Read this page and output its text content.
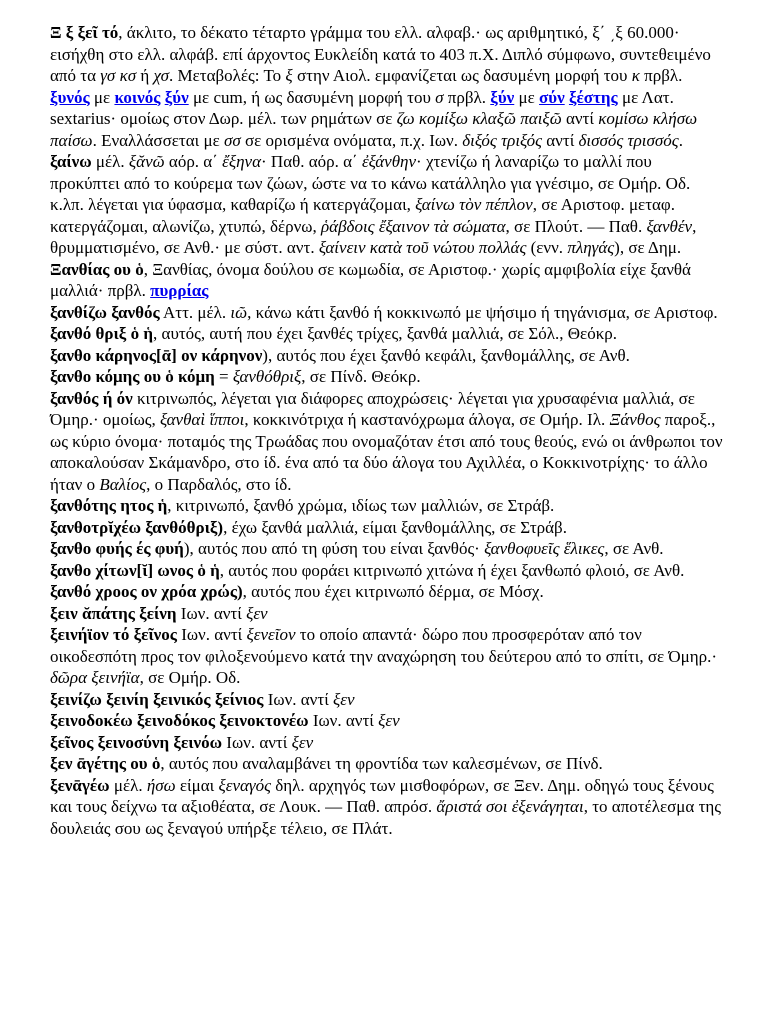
Ξ ξ ξεῖ τό, άκλιτο, το δέκατο τέταρτο γράμμα του ελλ. αλφαβ.· ως αριθμητικό, ξ΄ ͵ξ 60.000· εισήχθη στο ελλ. αλφάβ. επί άρχοντος Ευκλείδη κατά το 403 π.Χ. Διπλό σύμφωνο, συντεθειμένο από τα γσ κσ ή χσ. Μεταβολές: Το ξ στην Αιολ. εμφανίζεται ως δασυμένη μορφή του κ πρβλ. ξυνός με κοινός ξύν με cum, ή ως δασυμένη μορφή του σ πρβλ. ξύν με σύν ξέστης με Λατ. sextarius· ομοίως στον Δωρ. μέλ. των ρημάτων σε ζω κομίξω κλαξῶ παιξῶ αντί κομίσω κλήσω παίσω. Εναλλάσσεται με σσ σε ορισμένα ονόματα, π.χ. Ιων. διξός τριξός αντί δισσός τρισσός.

ξαίνω μέλ. ξᾰνῶ αόρ. α΄ ἔξηνα· Παθ. αόρ. α΄ ἐξάνθην· χτενίζω ή λαναρίζω το μαλλί που προκύπτει από το κούρεμα των ζώων, ώστε να το κάνω κατάλληλο για γνέσιμο, σε Ομήρ. Οδ. κ.λπ. λέγεται για ύφασμα, καθαρίζω ή κατεργάζομαι, ξαίνω τὸν πέπλον, σε Αριστοφ. μεταφ. κατεργάζομαι, αλωνίζω, χτυπώ, δέρνω, ῥάβδοις ἔξαινον τὰ σώματα, σε Πλούτ. — Παθ. ξανθέν, θρυμματισμένο, σε Ανθ.· με σύστ. αντ. ξαίνειν κατὰ τοῦ νώτου πολλάς (ενν. πληγάς), σε Δημ.

Ξανθίας ου ὁ, Ξανθίας, όνομα δούλου σε κωμωδία, σε Αριστοφ.· χωρίς αμφιβολία είχε ξανθά μαλλιά· πρβλ. πυρρίας

ξανθίζω ξανθός Αττ. μέλ. ιῶ, κάνω κάτι ξανθό ή κοκκινωπό με ψήσιμο ή τηγάνισμα, σε Αριστοφ.

ξανθό θριξ ὁ ἡ, αυτός, αυτή που έχει ξανθές τρίχες, ξανθά μαλλιά, σε Σόλ., Θεόκρ.

ξανθο κάρηνος[ᾱ] ον κάρηνον), αυτός που έχει ξανθό κεφάλι, ξανθομάλλης, σε Ανθ.

ξανθο κόμης ου ὁ κόμη = ξανθόθριξ, σε Πίνδ. Θεόκρ.

ξανθός ή όν κιτρινωπός, λέγεται για διάφορες αποχρώσεις· λέγεται για χρυσαφένια μαλλιά, σε Όμηρ.· ομοίως, ξανθαὶ ἵπποι, κοκκινότριχα ή καστανόχρωμα άλογα, σε Ομήρ. Ιλ. Ξάνθος παροξ., ως κύριο όνομα· ποταμός της Τρωάδας που ονομαζόταν έτσι από τους θεούς, ενώ οι άνθρωποι τον αποκαλούσαν Σκάμανδρο, στο ίδ. ένα από τα δύο άλογα του Αχιλλέα, ο Κοκκινοτρίχης· το άλλο ήταν ο Βαλίος, ο Παρδαλός, στο ίδ.

ξανθότης ητος ἡ, κιτρινωπό, ξανθό χρώμα, ιδίως των μαλλιών, σε Στράβ.

ξανθοτρῐχέω ξανθόθριξ), έχω ξανθά μαλλιά, είμαι ξανθομάλλης, σε Στράβ.

ξανθο φυής ές φυή), αυτός που από τη φύση του είναι ξανθός· ξανθοφυεῖς ἕλικες, σε Ανθ.

ξανθο χίτων[ῐ] ωνος ὁ ἡ, αυτός που φοράει κιτρινωπό χιτώνα ή έχει ξανθωπό φλοιό, σε Ανθ.

ξανθό χροος ον χρόα χρώς), αυτός που έχει κιτρινωπό δέρμα, σε Μόσχ.

ξειν ᾰπάτης ξείνη Ιων. αντί ξεν

ξεινήϊον τό ξεῖνος Ιων. αντί ξενεῖον το οποίο απαντά· δώρο που προσφερόταν από τον οικοδεσπότη προς τον φιλοξενούμενο κατά την αναχώρηση του δεύτερου από το σπίτι, σε Όμηρ.· δῶρα ξεινήϊα, σε Ομήρ. Οδ.

ξεινίζω ξεινίη ξεινικός ξείνιος Ιων. αντί ξεν

ξεινοδοκέω ξεινοδόκος ξεινοκτονέω Ιων. αντί ξεν

ξεῖνος ξεινοσύνη ξεινόω Ιων. αντί ξεν

ξεν ᾱγέτης ου ὁ, αυτός που αναλαμβάνει τη φροντίδα των καλεσμένων, σε Πίνδ.

ξενᾱγέω μέλ. ήσω είμαι ξεναγός δηλ. αρχηγός των μισθοφόρων, σε Ξεν. Δημ. οδηγώ τους ξένους και τους δείχνω τα αξιοθέατα, σε Λουκ. — Παθ. απρόσ. ἄριστά σοι ἐξενάγηται, το αποτέλεσμα της δουλειάς σου ως ξεναγού υπήρξε τέλειο, σε Πλάτ.
